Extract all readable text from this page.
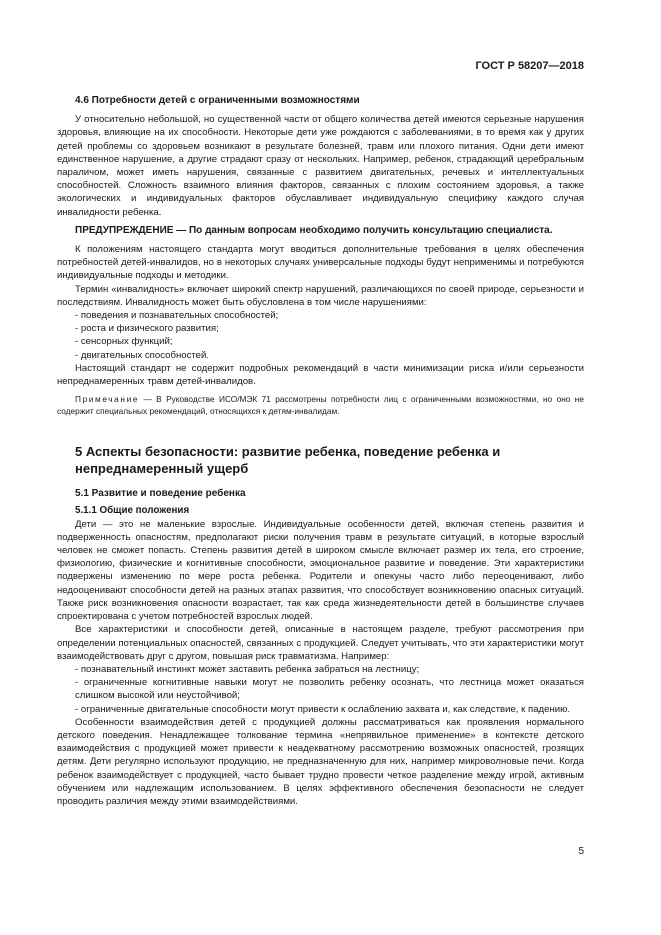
ГОСТ Р 58207—2018
4.6 Потребности детей с ограниченными возможностями

У относительно небольшой, но существенной части от общего количества детей имеются серьезные нарушения здоровья, влияющие на их способности. Некоторые дети уже рождаются с заболеваниями, в то время как у других детей проблемы со здоровьем возникают в результате болезней, травм или плохого питания. Одни дети имеют единственное нарушение, а другие страдают сразу от нескольких. Например, ребенок, страдающий церебральным параличом, может иметь нарушения, связанные с развитием двигательных, речевых и интеллектуальных способностей. Сложность взаимного влияния факторов, связанных с плохим состоянием здоровья, а также экологических и индивидуальных факторов обуславливает индивидуальную специфику каждого случая инвалидности ребенка.

ПРЕДУПРЕЖДЕНИЕ — По данным вопросам необходимо получить консультацию специалиста.

К положениям настоящего стандарта могут вводиться дополнительные требования в целях обеспечения потребностей детей-инвалидов, но в некоторых случаях универсальные подходы будут неприменимы и потребуются индивидуальные подходы и методики.

Термин «инвалидность» включает широкий спектр нарушений, различающихся по своей природе, серьезности и последствиям. Инвалидность может быть обусловлена в том числе нарушениями:

- поведения и познавательных способностей;

- роста и физического развития;

- сенсорных функций;

- двигательных способностей.

Настоящий стандарт не содержит подробных рекомендаций в части минимизации риска и/или серьезности непреднамеренных травм детей-инвалидов.

Примечание — В Руководстве ИСО/МЭК 71 рассмотрены потребности лиц с ограниченными возможностями, но оно не содержит специальных рекомендаций, относящихся к детям-инвалидам.

5 Аспекты безопасности: развитие ребенка, поведение ребенка и непреднамеренный ущерб
5.1 Развитие и поведение ребенка
5.1.1 Общие положения

Дети — это не маленькие взрослые. Индивидуальные особенности детей, включая степень развития и подверженность опасностям, предполагают риски получения травм в результате ситуаций, в которые взрослый человек не сможет попасть. Степень развития детей в широком смысле включает размер их тела, его строение, физиологию, физические и когнитивные способности, эмоциональное развитие и поведение. Эти характеристики подвержены изменению по мере роста ребенка. Родители и опекуны часто либо переоценивают, либо недооценивают способности детей на разных этапах развития, что способствует возникновению опасных ситуаций. Также риск возникновения опасности возрастает, так как среда жизнедеятельности детей в большинстве случаев спроектирована с учетом потребностей взрослых людей.

Все характеристики и способности детей, описанные в настоящем разделе, требуют рассмотрения при определении потенциальных опасностей, связанных с продукцией. Следует учитывать, что эти характеристики могут взаимодействовать друг с другом, повышая риск травматизма. Например:

- познавательный инстинкт может заставить ребенка забраться на лестницу;

- ограниченные когнитивные навыки могут не позволить ребенку осознать, что лестница может оказаться слишком высокой или неустойчивой;

- ограниченные двигательные способности могут привести к ослаблению захвата и, как следствие, к падению.

Особенности взаимодействия детей с продукцией должны рассматриваться как проявления нормального детского поведения. Ненадлежащее толкование термина «непрявильное применение» в контексте детского взаимодействия с продукцией может привести к неадекватному рассмотрению возможных опасностей, грозящих детям. Дети регулярно используют продукцию, не предназначенную для них, например микроволновые печи. Когда ребенок взаимодействует с продукцией, часто бывает трудно провести четкое разделение между игрой, активным обучением или надлежащим использованием. В целях эффективного обеспечения безопасности не следует проводить различия между этими взаимодействиями.

5
